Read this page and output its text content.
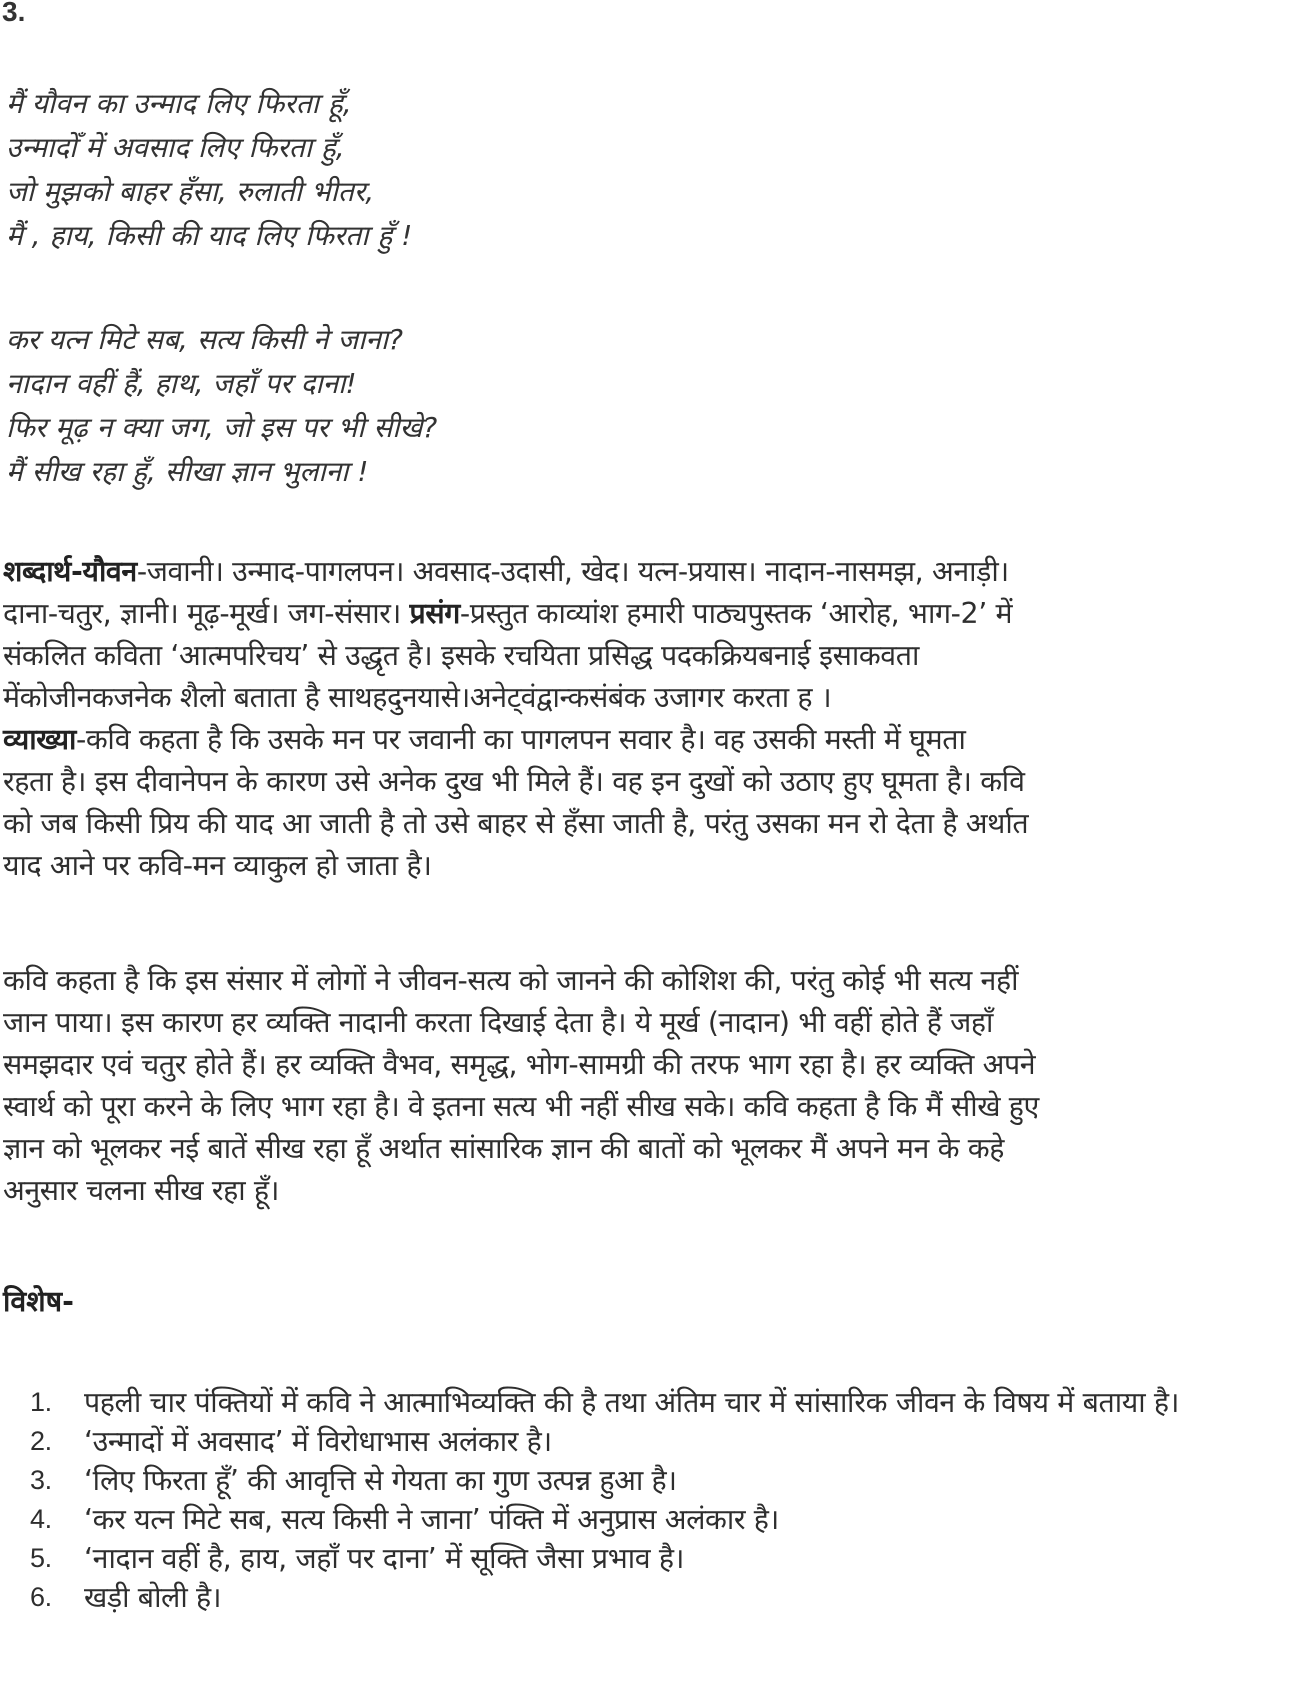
3.

मैं यौवन का उन्माद लिए फिरता हूँ,
उन्मादोँ में अवसाद लिए फिरता हुँ,
जो मुझको बाहर हँसा, रुलाती भीतर,
मैं , हाय, किसी की याद लिए फिरता हुँ !

कर यत्न मिटे सब, सत्य किसी ने जाना?
नादान वहीं हैं, हाथ, जहाँ पर दाना!
फिर मूढ़ न क्या जग, जो इस पर भी सीखे?
मैं सीख रहा हुँ, सीखा ज्ञान भुलाना !

शब्दार्थ-यौवन-जवानी। उन्माद-पागलपन। अवसाद-उदासी, खेद। यत्न-प्रयास। नादान-नासमझ, अनाड़ी।
दाना-चतुर, ज्ञानी। मूढ़-मूर्ख। जग-संसार। प्रसंग-प्रस्तुत काव्यांश हमारी पाठ्यपुस्तक ‘आरोह, भाग-2’ में
संकलित कविता ‘आत्मपरिचय’ से उद्धृत है। इसके रचयिता प्रसिद्ध पदकक्रियबनाई इसाकवता
मेंकोजीनकजनेक शैलो बताता है साथहदुनयासे।अनेट्वंद्वान्कसंबंक उजागर करता ह ।
व्याख्या-कवि कहता है कि उसके मन पर जवानी का पागलपन सवार है। वह उसकी मस्ती में घूमता
रहता है। इस दीवानेपन के कारण उसे अनेक दुख भी मिले हैं। वह इन दुखों को उठाए हुए घूमता है। कवि
को जब किसी प्रिय की याद आ जाती है तो उसे बाहर से हँसा जाती है, परंतु उसका मन रो देता है अर्थात
याद आने पर कवि-मन व्याकुल हो जाता है।

कवि कहता है कि इस संसार में लोगों ने जीवन-सत्य को जानने की कोशिश की, परंतु कोई भी सत्य नहीं
जान पाया। इस कारण हर व्यक्ति नादानी करता दिखाई देता है। ये मूर्ख (नादान) भी वहीं होते हैं जहाँ
समझदार एवं चतुर होते हैं। हर व्यक्ति वैभव, समृद्ध, भोग-सामग्री की तरफ भाग रहा है। हर व्यक्ति अपने
स्वार्थ को पूरा करने के लिए भाग रहा है। वे इतना सत्य भी नहीं सीख सके। कवि कहता है कि मैं सीखे हुए
ज्ञान को भूलकर नई बातें सीख रहा हूँ अर्थात सांसारिक ज्ञान की बातों को भूलकर मैं अपने मन के कहे
अनुसार चलना सीख रहा हूँ।

विशेष-
1.	पहली चार पंक्तियों में कवि ने आत्माभिव्यक्ति की है तथा अंतिम चार में सांसारिक जीवन के विषय में बताया है।
2.	‘उन्मादों में अवसाद’ में विरोधाभास अलंकार है।
3.	‘लिए फिरता हूँ’ की आवृत्ति से गेयता का गुण उत्पन्न हुआ है।
4.	‘कर यत्न मिटे सब, सत्य किसी ने जाना’ पंक्ति में अनुप्रास अलंकार है।
5.	‘नादान वहीं है, हाय, जहाँ पर दाना’ में सूक्ति जैसा प्रभाव है।
6.	खड़ी बोली है।
